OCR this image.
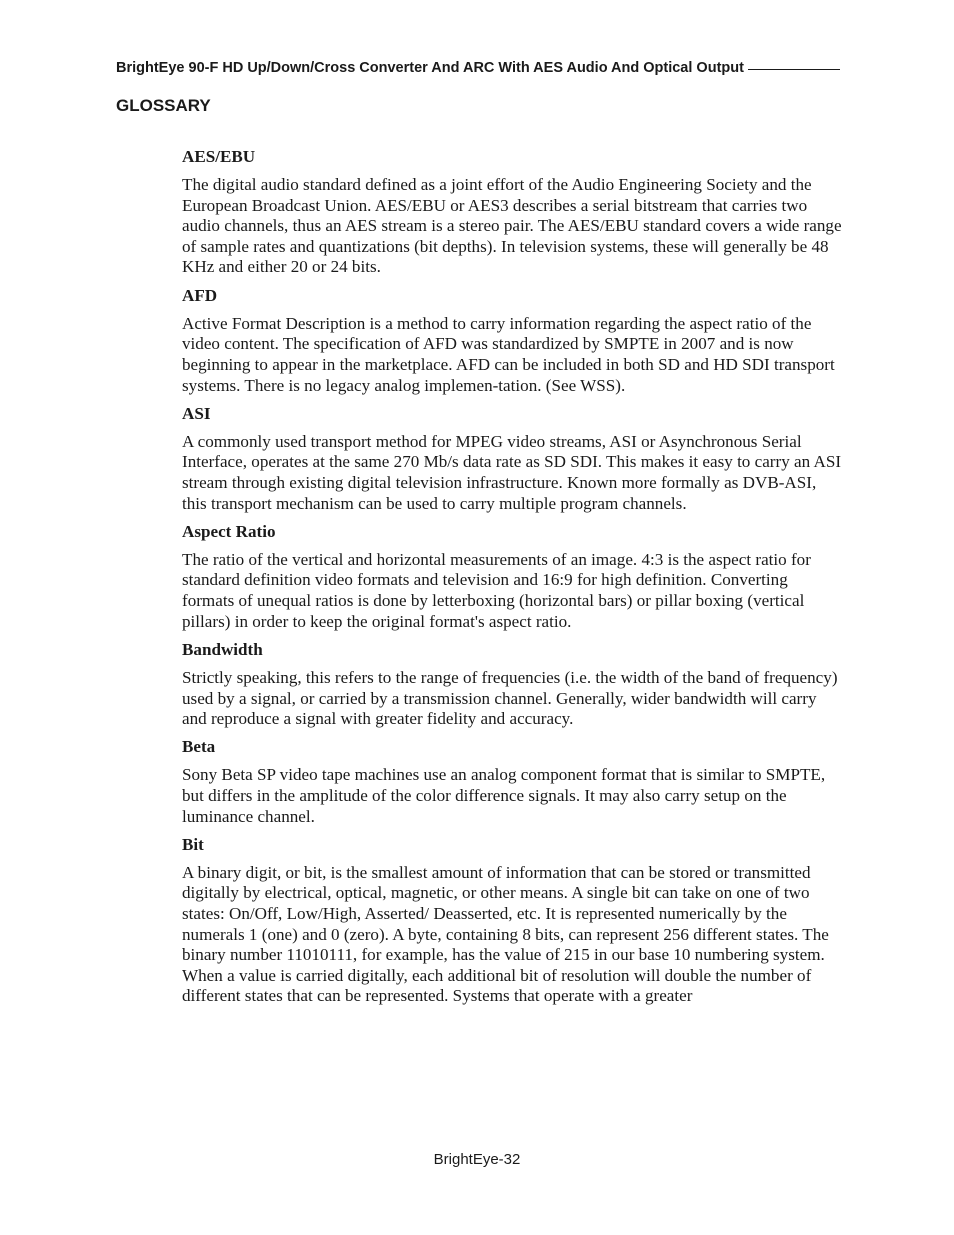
BrightEye 90-F HD Up/Down/Cross Converter And ARC With AES Audio And Optical Output
GLOSSARY

AES/EBU

The digital audio standard defined as a joint effort of the Audio Engineering Society and the European Broadcast Union. AES/EBU or AES3 describes a serial bitstream that carries two audio channels, thus an AES stream is a stereo pair. The AES/EBU standard covers a wide range of sample rates and quantizations (bit depths). In television systems, these will generally be 48 KHz and either 20 or 24 bits.

AFD

Active Format Description is a method to carry information regarding the aspect ratio of the video content. The specification of AFD was standardized by SMPTE in 2007 and is now beginning to appear in the marketplace. AFD can be included in both SD and HD SDI transport systems. There is no legacy analog implemen-tation. (See WSS).

ASI

A commonly used transport method for MPEG video streams, ASI or Asynchronous Serial Interface, operates at the same 270 Mb/s data rate as SD SDI. This makes it easy to carry an ASI stream through existing digital television infrastructure. Known more formally as DVB-ASI, this transport mechanism can be used to carry multiple program channels.

Aspect Ratio

The ratio of the vertical and horizontal measurements of an image. 4:3 is the aspect ratio for standard definition video formats and television and 16:9 for high definition. Converting formats of unequal ratios is done by letterboxing (horizontal bars) or pillar boxing (vertical pillars) in order to keep the original format's aspect ratio.

Bandwidth

Strictly speaking, this refers to the range of frequencies (i.e. the width of the band of frequency) used by a signal, or carried by a transmission channel. Generally, wider bandwidth will carry and reproduce a signal with greater fidelity and accuracy.

Beta

Sony Beta SP video tape machines use an analog component format that is similar to SMPTE, but differs in the amplitude of the color difference signals. It may also carry setup on the luminance channel.

Bit

A binary digit, or bit, is the smallest amount of information that can be stored or transmitted digitally by electrical, optical, magnetic, or other means. A single bit can take on one of two states: On/Off, Low/High, Asserted/ Deasserted, etc. It is represented numerically by the numerals 1 (one) and 0 (zero). A byte, containing 8 bits, can represent 256 different states. The binary number 11010111, for example, has the value of 215 in our base 10 numbering system. When a value is carried digitally, each additional bit of resolution will double the number of different states that can be represented. Systems that operate with a greater

BrightEye-32
